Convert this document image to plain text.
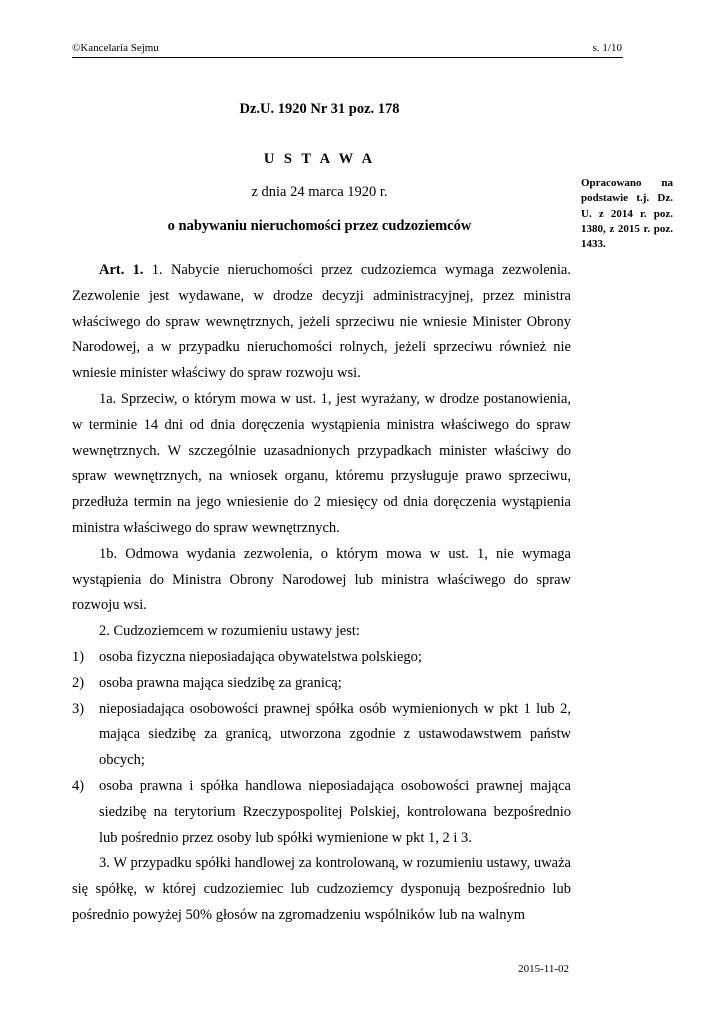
©Kancelaria Sejmu	s. 1/10
Dz.U. 1920 Nr 31 poz. 178
U S T A W A
z dnia 24 marca 1920 r.
o nabywaniu nieruchomości przez cudzoziemców
Opracowano na podstawie t.j. Dz. U. z 2014 r. poz. 1380, z 2015 r. poz. 1433.

Art. 1. 1. Nabycie nieruchomości przez cudzoziemca wymaga zezwolenia. Zezwolenie jest wydawane, w drodze decyzji administracyjnej, przez ministra właściwego do spraw wewnętrznych, jeżeli sprzeciwu nie wniesie Minister Obrony Narodowej, a w przypadku nieruchomości rolnych, jeżeli sprzeciwu również nie wniesie minister właściwy do spraw rozwoju wsi.

1a. Sprzeciw, o którym mowa w ust. 1, jest wyrażany, w drodze postanowienia, w terminie 14 dni od dnia doręczenia wystąpienia ministra właściwego do spraw wewnętrznych. W szczególnie uzasadnionych przypadkach minister właściwy do spraw wewnętrznych, na wniosek organu, któremu przysługuje prawo sprzeciwu, przedłuża termin na jego wniesienie do 2 miesięcy od dnia doręczenia wystąpienia ministra właściwego do spraw wewnętrznych.

1b. Odmowa wydania zezwolenia, o którym mowa w ust. 1, nie wymaga wystąpienia do Ministra Obrony Narodowej lub ministra właściwego do spraw rozwoju wsi.

2. Cudzoziemcem w rozumieniu ustawy jest:

1) osoba fizyczna nieposiadająca obywatelstwa polskiego;
2) osoba prawna mająca siedzibę za granicą;
3) nieposiadająca osobowości prawnej spółka osób wymienionych w pkt 1 lub 2, mająca siedzibę za granicą, utworzona zgodnie z ustawodawstwem państw obcych;
4) osoba prawna i spółka handlowa nieposiadająca osobowości prawnej mająca siedzibę na terytorium Rzeczypospolitej Polskiej, kontrolowana bezpośrednio lub pośrednio przez osoby lub spółki wymienione w pkt 1, 2 i 3.

3. W przypadku spółki handlowej za kontrolowaną, w rozumieniu ustawy, uważa się spółkę, w której cudzoziemiec lub cudzoziemcy dysponują bezpośrednio lub pośrednio powyżej 50% głosów na zgromadzeniu wspólników lub na walnym

2015-11-02
